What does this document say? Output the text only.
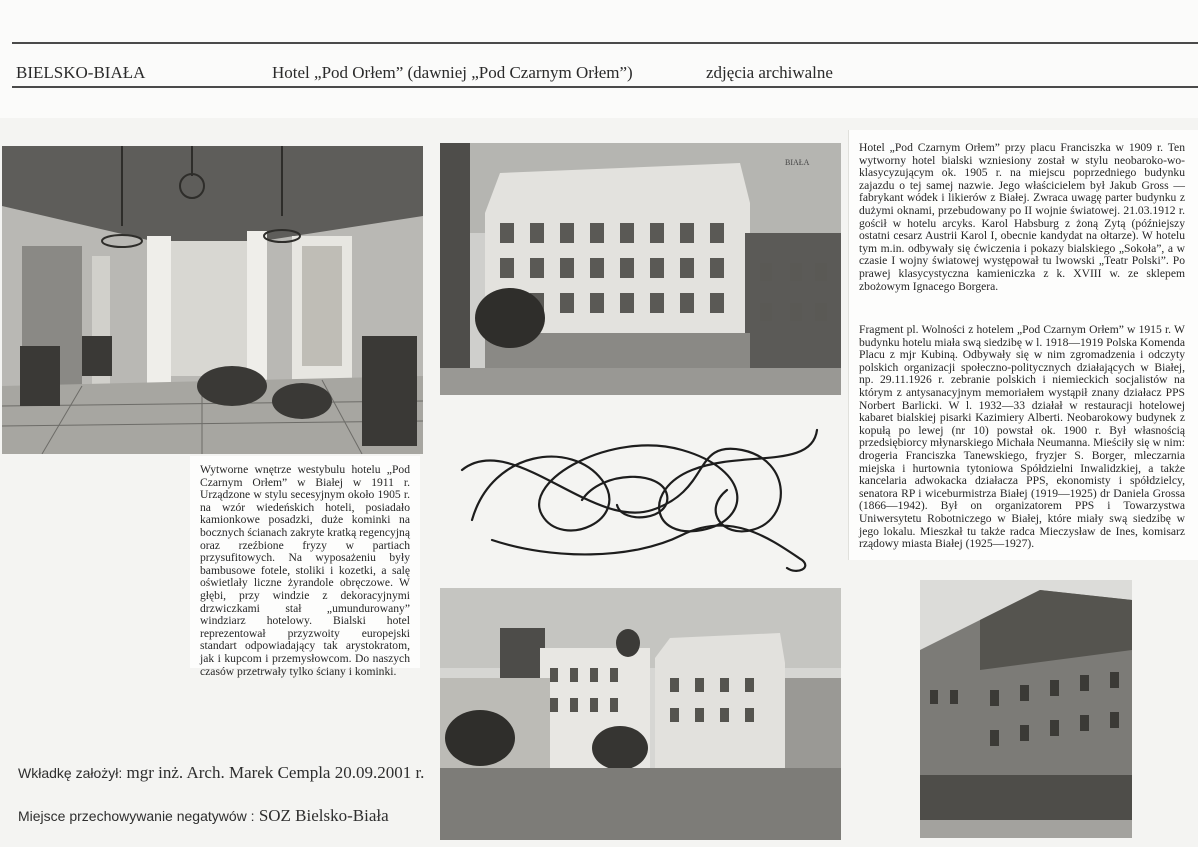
BIELSKO-BIAŁA	Hotel „Pod Orłem” (dawniej „Pod Czarnym Orłem”)	zdjęcia archiwalne
BIAŁA

Hotel „Pod Czarnym Orłem” przy placu Franciszka w 1909 r. Ten wytworny hotel bialski wzniesiony został w stylu neobaroko-wo-klasycyzującym ok. 1905 r. na miejscu poprzedniego budynku zajazdu o tej samej nazwie. Jego właścicielem był Jakub Gross — fabrykant wódek i likierów z Białej. Zwraca uwagę parter budynku z dużymi oknami, przebudowany po II wojnie światowej. 21.03.1912 r. gościł w hotelu arcyks. Karol Habsburg z żoną Zytą (późniejszy ostatni cesarz Austrii Karol I, obecnie kandydat na ołtarze). W hotelu tym m.in. odbywały się ćwiczenia i pokazy bialskiego „Sokoła”, a w czasie I wojny światowej występował tu lwowski „Teatr Polski”. Po prawej klasycystyczna kamieniczka z k. XVIII w. ze sklepem zbożowym Ignacego Borgera.

Fragment pl. Wolności z hotelem „Pod Czarnym Orłem” w 1915 r. W budynku hotelu miała swą siedzibę w l. 1918—1919 Polska Komenda Placu z mjr Kubiną. Odbywały się w nim zgromadzenia i odczyty polskich organizacji społeczno-politycznych działających w Białej, np. 29.11.1926 r. zebranie polskich i niemieckich socjalistów na którym z antysanacyjnym memoriałem wystąpił znany działacz PPS Norbert Barlicki. W l. 1932—33 działał w restauracji hotelowej kabaret bialskiej pisarki Kazimiery Alberti. Neobarokowy budynek z kopułą po lewej (nr 10) powstał ok. 1900 r. Był własnością przedsiębiorcy młynarskiego Michała Neumanna. Mieściły się w nim: drogeria Franciszka Tanewskiego, fryzjer S. Borger, mleczarnia miejska i hurtownia tytoniowa Spółdzielni Inwalidzkiej, a także kancelaria adwokacka działacza PPS, ekonomisty i spółdzielcy, senatora RP i wiceburmistrza Białej (1919—1925) dr Daniela Grossa (1866—1942). Był on organizatorem PPS i Towarzystwa Uniwersytetu Robotniczego w Białej, które miały swą siedzibę w jego lokalu. Mieszkał tu także radca Mieczysław de Ines, komisarz rządowy miasta Białej (1925—1927).

Wytworne wnętrze westybulu hotelu „Pod Czarnym Orłem” w Białej w 1911 r. Urządzone w stylu secesyjnym około 1905 r. na wzór wiedeńskich hoteli, posiadało kamionkowe posadzki, duże kominki na bocznych ścianach zakryte kratką regencyjną oraz rzeźbione fryzy w partiach przysufitowych. Na wyposażeniu były bambusowe fotele, stoliki i kozetki, a salę oświetlały liczne żyrandole obręczowe. W głębi, przy windzie z dekoracyjnymi drzwiczkami stał „umundurowany” windziarz hotelowy. Bialski hotel reprezentował przyzwoity europejski standart odpowiadający tak arystokratom, jak i kupcom i przemysłowcom. Do naszych czasów przetrwały tylko ściany i kominki.

Wkładkę założył: mgr inż. Arch. Marek Cempla 20.09.2001 r.
Miejsce przechowywanie negatywów : SOZ Bielsko-Biała
